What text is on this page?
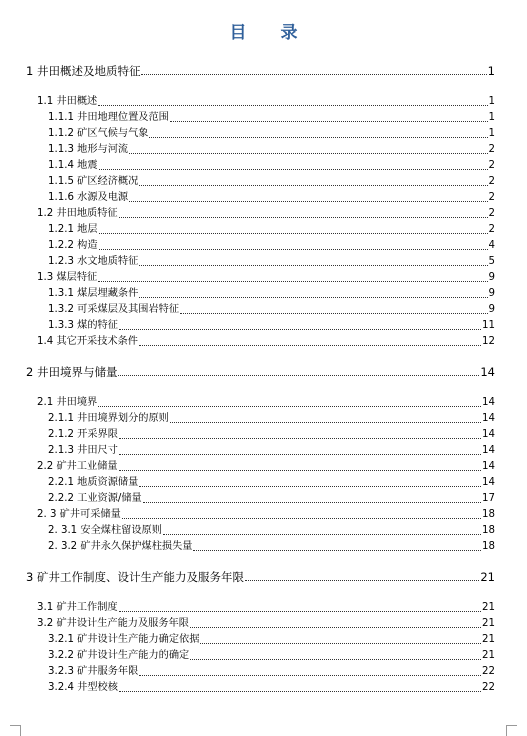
目　　录
1 井田概述及地质特征	1
1.1 井田概述	1
1.1.1 井田地理位置及范围	1
1.1.2 矿区气候与气象	1
1.1.3 地形与河流	2
1.1.4 地震	2
1.1.5 矿区经济概况	2
1.1.6 水源及电源	2
1.2 井田地质特征	2
1.2.1 地层	2
1.2.2 构造	4
1.2.3 水文地质特征	5
1.3 煤层特征	9
1.3.1 煤层埋藏条件	9
1.3.2 可采煤层及其围岩特征	9
1.3.3 煤的特征	11
1.4 其它开采技术条件	12
2 井田境界与储量	14
2.1 井田境界	14
2.1.1 井田境界划分的原则	14
2.1.2 开采界限	14
2.1.3 井田尺寸	14
2.2 矿井工业储量	14
2.2.1 地质资源储量	14
2.2.2 工业资源/储量	17
2. 3 矿井可采储量	18
2. 3.1 安全煤柱留设原则	18
2. 3.2 矿井永久保护煤柱损失量	18
3 矿井工作制度、设计生产能力及服务年限	21
3.1 矿井工作制度	21
3.2 矿井设计生产能力及服务年限	21
3.2.1 矿井设计生产能力确定依据	21
3.2.2 矿井设计生产能力的确定	21
3.2.3 矿井服务年限	22
3.2.4 井型校核	22
